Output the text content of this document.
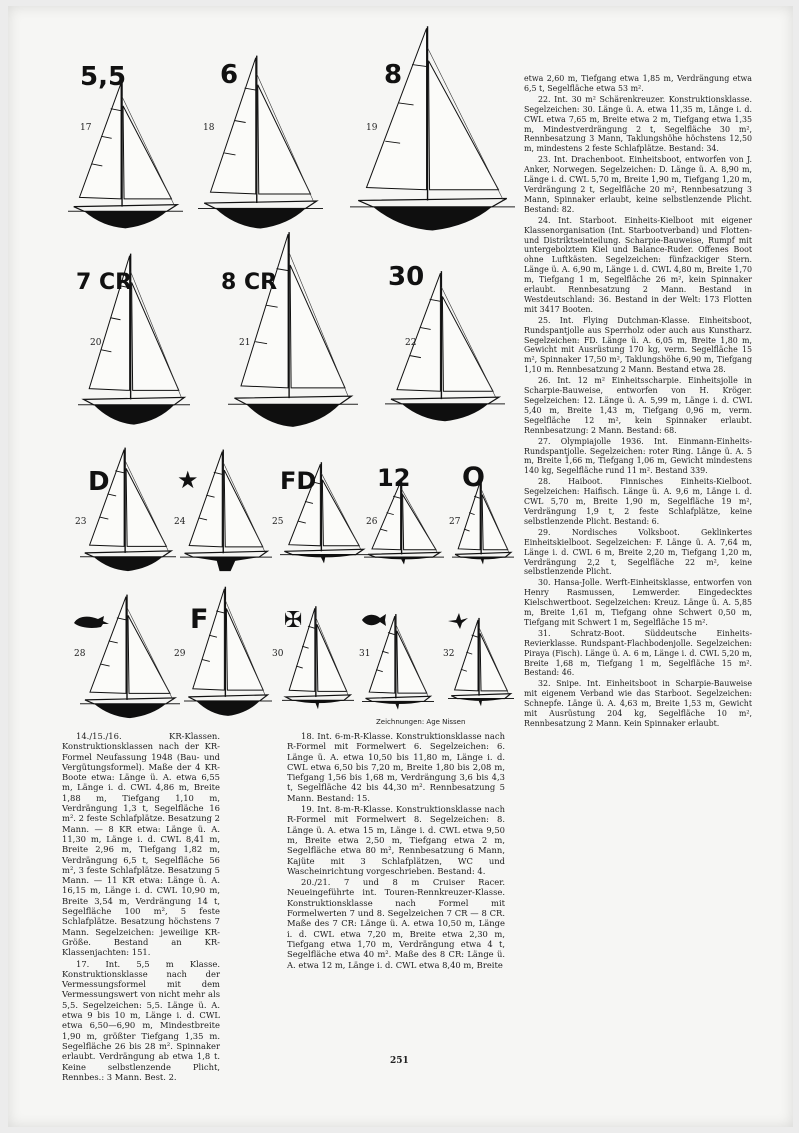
5,5	6	8
7 CR	8 CR	30
D	★	FD	12 O
F	✠
17	18	19
20	21	22
23	24	25	26	27
28	29	30	31	32
Zeichnungen: Age Nissen

14./15./16. KR-Klassen. Konstruktionsklassen nach der KR-Formel Neufassung 1948 (Bau- und Vergütungsformel). Maße der 4 KR-Boote etwa: Länge ü. A. etwa 6,55 m, Länge i. d. CWL 4,86 m, Breite 1,88 m, Tiefgang 1,10 m, Verdrängung 1,3 t, Segelfläche 16 m². 2 feste Schlafplätze. Besatzung 2 Mann. — 8 KR etwa: Länge ü. A. 11,30 m, Länge i. d. CWL 8,41 m, Breite 2,96 m, Tiefgang 1,82 m, Verdrängung 6,5 t, Segelfläche 56 m², 3 feste Schlafplätze. Besatzung 5 Mann. — 11 KR etwa: Länge ü. A. 16,15 m, Länge i. d. CWL 10,90 m, Breite 3,54 m, Verdrängung 14 t, Segelfläche 100 m², 5 feste Schlafplätze. Besatzung höchstens 7 Mann. Segelzeichen: jeweilige KR-Größe. Bestand an KR-Klassenjachten: 151.

17. Int. 5,5 m Klasse. Konstruktionsklasse nach der Vermessungsformel mit dem Vermessungswert von nicht mehr als 5,5. Segelzeichen: 5,5. Länge ü. A. etwa 9 bis 10 m, Länge i. d. CWL etwa 6,50—6,90 m, Mindestbreite 1,90 m, größter Tiefgang 1,35 m. Segelfläche 26 bis 28 m². Spinnaker erlaubt. Verdrängung ab etwa 1,8 t. Keine selbstlenzende Plicht, Rennbes.: 3 Mann. Best. 2.

18. Int. 6-m-R-Klasse. Konstruktionsklasse nach R-Formel mit Formelwert 6. Segelzeichen: 6. Länge ü. A. etwa 10,50 bis 11,80 m, Länge i. d. CWL etwa 6,50 bis 7,20 m, Breite 1,80 bis 2,08 m, Tiefgang 1,56 bis 1,68 m, Verdrängung 3,6 bis 4,3 t, Segelfläche 42 bis 44,30 m². Rennbesatzung 5 Mann. Bestand: 15.

19. Int. 8-m-R-Klasse. Konstruktionsklasse nach R-Formel mit Formelwert 8. Segelzeichen: 8. Länge ü. A. etwa 15 m, Länge i. d. CWL etwa 9,50 m, Breite etwa 2,50 m, Tiefgang etwa 2 m, Segelfläche etwa 80 m², Rennbesatzung 6 Mann, Kajüte mit 3 Schlafplätzen, WC und Wascheinrichtung vorgeschrieben. Bestand: 4.

20./21. 7 und 8 m Cruiser Racer. Neueingeführte int. Touren-Rennkreuzer-Klasse. Konstruktionsklasse nach Formel mit Formelwerten 7 und 8. Segelzeichen 7 CR — 8 CR. Maße des 7 CR: Länge ü. A. etwa 10,50 m, Länge i. d. CWL etwa 7,20 m, Breite etwa 2,30 m, Tiefgang etwa 1,70 m, Verdrängung etwa 4 t, Segelfläche etwa 40 m². Maße des 8 CR: Länge ü. A. etwa 12 m, Länge i. d. CWL etwa 8,40 m, Breite

etwa 2,60 m, Tiefgang etwa 1,85 m, Verdrängung etwa 6,5 t, Segelfläche etwa 53 m².

22. Int. 30 m² Schärenkreuzer. Konstruktionsklasse. Segelzeichen: 30. Länge ü. A. etwa 11,35 m, Länge i. d. CWL etwa 7,65 m, Breite etwa 2 m, Tiefgang etwa 1,35 m, Mindestverdrängung 2 t, Segelfläche 30 m², Rennbesatzung 3 Mann, Taklungshöhe höchstens 12,50 m, mindestens 2 feste Schlafplätze. Bestand: 34.

23. Int. Drachenboot. Einheitsboot, entworfen von J. Anker, Norwegen. Segelzeichen: D. Länge ü. A. 8,90 m, Länge i. d. CWL 5,70 m, Breite 1,90 m, Tiefgang 1,20 m, Verdrängung 2 t, Segelfläche 20 m², Rennbesatzung 3 Mann, Spinnaker erlaubt, keine selbstlenzende Plicht. Bestand: 82.

24. Int. Starboot. Einheits-Kielboot mit eigener Klassenorganisation (Int. Starbootverband) und Flotten- und Distriktseinteilung. Scharpie-Bauweise, Rumpf mit untergebolztem Kiel und Balance-Ruder. Offenes Boot ohne Luftkästen. Segelzeichen: fünfzackiger Stern. Länge ü. A. 6,90 m, Länge i. d. CWL 4,80 m, Breite 1,70 m, Tiefgang 1 m, Segelfläche 26 m², kein Spinnaker erlaubt. Rennbesatzung 2 Mann. Bestand in Westdeutschland: 36. Bestand in der Welt: 173 Flotten mit 3417 Booten.

25. Int. Flying Dutchman-Klasse. Einheitsboot, Rundspantjolle aus Sperrholz oder auch aus Kunstharz. Segelzeichen: FD. Länge ü. A. 6,05 m, Breite 1,80 m, Gewicht mit Ausrüstung 170 kg, verm. Segelfläche 15 m², Spinnaker 17,50 m², Taklungshöhe 6,90 m, Tiefgang 1,10 m. Rennbesatzung 2 Mann. Bestand etwa 28.

26. Int. 12 m² Einheitsscharpie. Einheitsjolle in Scharpie-Bauweise, entworfen von H. Kröger. Segelzeichen: 12. Länge ü. A. 5,99 m, Länge i. d. CWL 5,40 m, Breite 1,43 m, Tiefgang 0,96 m, verm. Segelfläche 12 m², kein Spinnaker erlaubt. Rennbesatzung: 2 Mann. Bestand: 68.

27. Olympiajolle 1936. Int. Einmann-Einheits-Rundspantjolle. Segelzeichen: roter Ring. Länge ü. A. 5 m, Breite 1,66 m, Tiefgang 1,06 m, Gewicht mindestens 140 kg, Segelfläche rund 11 m². Bestand 339.

28. Haiboot. Finnisches Einheits-Kielboot. Segelzeichen: Haifisch. Länge ü. A. 9,6 m, Länge i. d. CWL 5,70 m, Breite 1,90 m, Segelfläche 19 m², Verdrängung 1,9 t, 2 feste Schlafplätze, keine selbstlenzende Plicht. Bestand: 6.

29. Nordisches Volksboot. Geklinkertes Einheitskielboot. Segelzeichen: F. Länge ü. A. 7,64 m, Länge i. d. CWL 6 m, Breite 2,20 m, Tiefgang 1,20 m, Verdrängung 2,2 t, Segelfläche 22 m², keine selbstlenzende Plicht.

30. Hansa-Jolle. Werft-Einheitsklasse, entworfen von Henry Rasmussen, Lemwerder. Eingedecktes Kielschwertboot. Segelzeichen: Kreuz. Länge ü. A. 5,85 m, Breite 1,61 m, Tiefgang ohne Schwert 0,50 m, Tiefgang mit Schwert 1 m, Segelfläche 15 m².

31. Schratz-Boot. Süddeutsche Einheits-Revierklasse. Rundspant-Flachbodenjolle. Segelzeichen: Piraya (Fisch). Länge ü. A. 6 m, Länge i. d. CWL 5,20 m, Breite 1,68 m, Tiefgang 1 m, Segelfläche 15 m². Bestand: 46.

32. Snipe. Int. Einheitsboot in Scharpie-Bauweise mit eigenem Verband wie das Starboot. Segelzeichen: Schnepfe. Länge ü. A. 4,63 m, Breite 1,53 m, Gewicht mit Ausrüstung 204 kg, Segelfläche 10 m², Rennbesatzung 2 Mann. Kein Spinnaker erlaubt.

251
